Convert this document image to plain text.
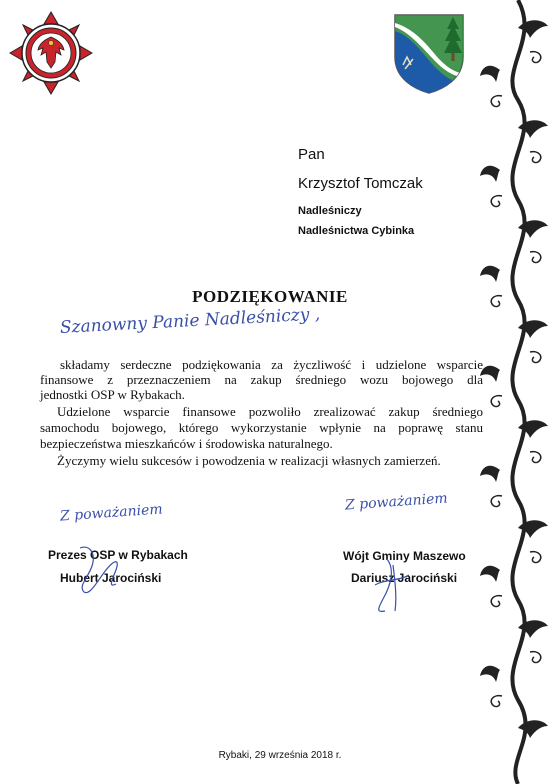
Pan
Krzysztof Tomczak
Nadleśniczy
Nadleśnictwa Cybinka
PODZIĘKOWANIE
Szanowny Panie Nadleśniczy ,
składamy serdeczne podziękowania za życzliwość i udzielone wsparcie
finansowe z przeznaczeniem na zakup średniego wozu bojowego dla
jednostki OSP w Rybakach.
Udzielone wsparcie finansowe pozwoliło zrealizować zakup średniego
samochodu bojowego, którego wykorzystanie wpłynie na poprawę stanu
bezpieczeństwa mieszkańców i środowiska naturalnego.
Życzymy wielu sukcesów i powodzenia w realizacji własnych zamierzeń.
Z poważaniem	Z poważaniem
Prezes OSP w Rybakach
Hubert Jarociński
Wójt Gminy Maszewo
Dariusz Jarociński
Rybaki, 29 września 2018 r.
